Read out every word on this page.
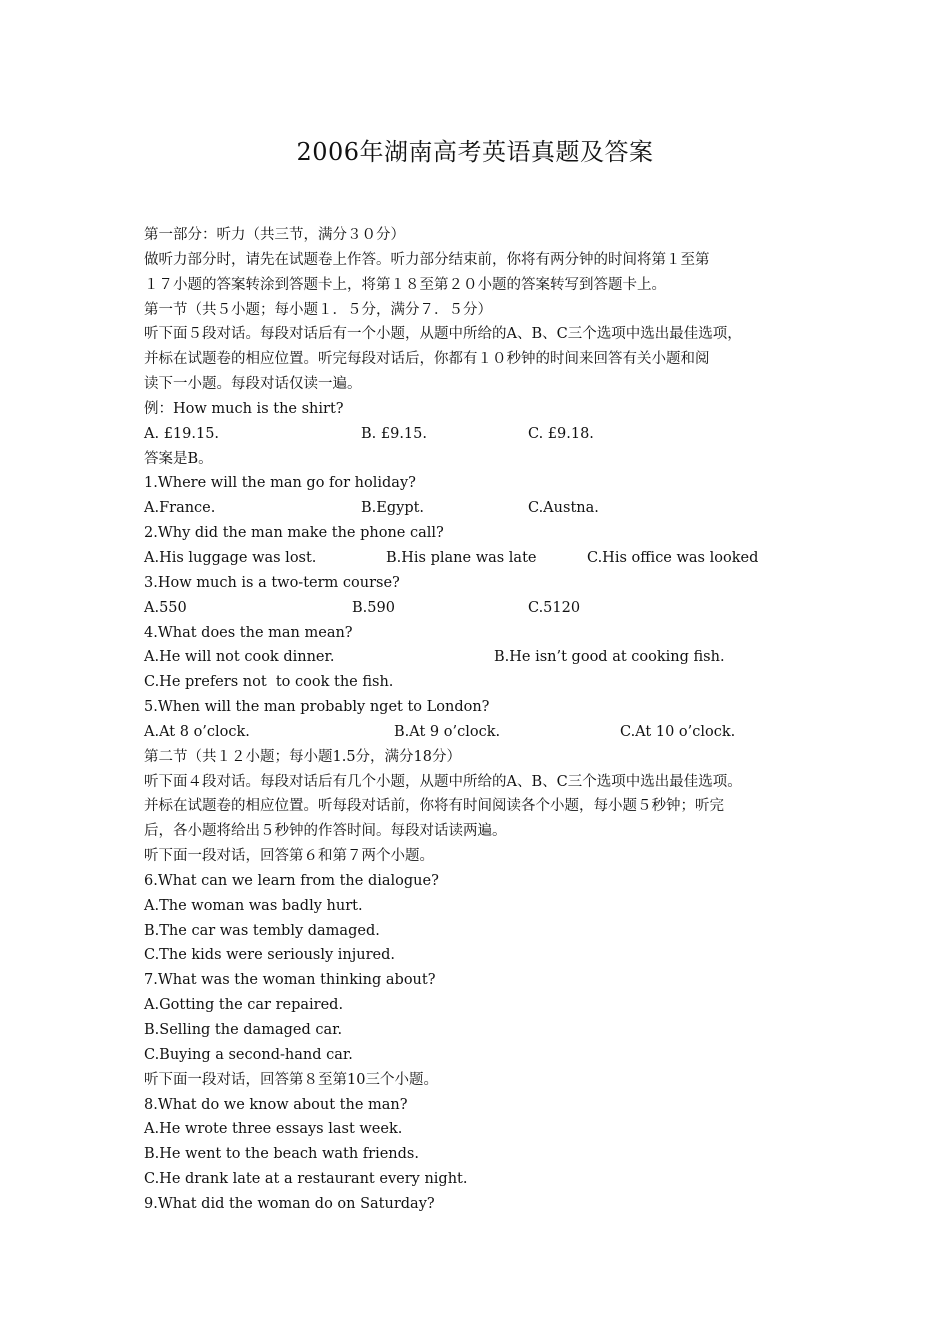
2006年湖南高考英语真题及答案
第一部分：听力（共三节，满分３０分）
做听力部分时，请先在试题卷上作答。听力部分结束前，你将有两分钟的时间将第１至第
１７小题的答案转涂到答题卡上，将第１８至第２０小题的答案转写到答题卡上。
第一节（共５小题；每小题１．５分，满分７．５分）
听下面５段对话。每段对话后有一个小题，从题中所给的A、B、C三个选项中选出最佳选项，
并标在试题卷的相应位置。听完每段对话后，你都有１０秒钟的时间来回答有关小题和阅
读下一小题。每段对话仅读一遍。
例：How much is the shirt?

A. £19.15.

	B. £9.15.

	C. £9.18.

答案是B。
1.Where will the man go for holiday?

A.France.

	B.Egypt.

	C.Austna.

2.Why did the man make the phone call?

A.His luggage was lost.

	B.His plane was late

	C.His office was looked

3.How much is a two-term course?

A.550

	B.590

	C.5120

4.What does the man mean?

A.He will not cook dinner.

	B.He isn’t good at cooking fish.

C.He prefers not  to cook the fish.
5.When will the man probably nget to London?

A.At 8 o’clock.

	B.At 9 o’clock.

	C.At 10 o’clock.

第二节（共１２小题；每小题1.5分，满分18分）
听下面４段对话。每段对话后有几个小题，从题中所给的A、B、C三个选项中选出最佳选项。
并标在试题卷的相应位置。听每段对话前，你将有时间阅读各个小题，每小题５秒钟；听完
后，各小题将给出５秒钟的作答时间。每段对话读两遍。
听下面一段对话，回答第６和第７两个小题。
6.What can we learn from the dialogue?
A.The woman was badly hurt.
B.The car was tembly damaged.
C.The kids were seriously injured.
7.What was the woman thinking about?
A.Gotting the car repaired.
B.Selling the damaged car.
C.Buying a second-hand car.
听下面一段对话，回答第８至第10三个小题。
8.What do we know about the man?
A.He wrote three essays last week.
B.He went to the beach wath friends.
C.He drank late at a restaurant every night.
9.What did the woman do on Saturday?
